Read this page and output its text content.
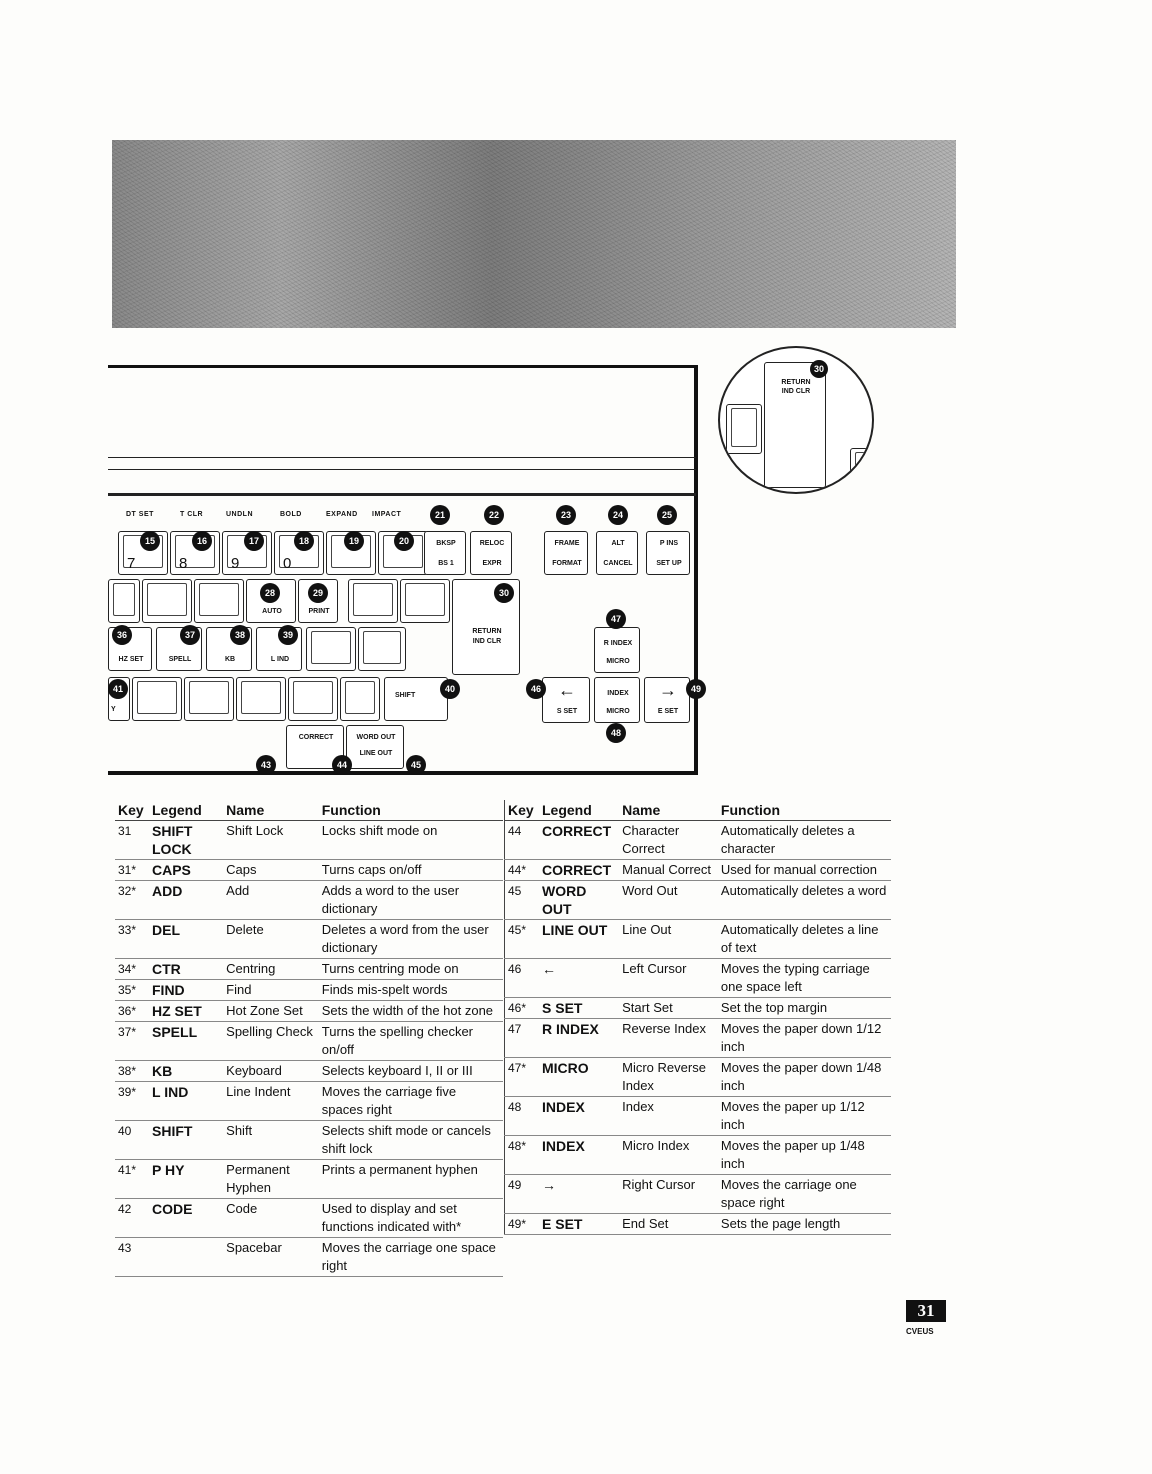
DT SET	T CLR	UNDLN	BOLD	EXPAND IMPACT	21	22	23	24	25
7	8	9	0
BKSP
BS 1
RELOC
EXPR
FRAME
FORMAT
ALT
CANCEL
P INS
SET UP
15	16	17	18	19	20
AUTO	PRINT
RETURN
IND CLR
28	29	30
HZ SET	SPELL	KB	L IND
36	37	38	39
Y
SHIFT
41	40
CORRECT	WORD OUT
LINE OUT
43	44	45
R INDEX
MICRO
←
S SET
INDEX
MICRO
→
E SET
47
46	49
48
RETURN
IND CLR
30
Key	Legend	Name	Function
31	SHIFT LOCK	Shift Lock	Locks shift mode on
31*	CAPS	Caps	Turns caps on/off
32*	ADD	Add	Adds a word to the user dictionary
33*	DEL	Delete	Deletes a word from the user dictionary
34*	CTR	Centring	Turns centring mode on
35*	FIND	Find	Finds mis-spelt words
36*	HZ SET	Hot Zone Set	Sets the width of the hot zone
37*	SPELL	Spelling Check	Turns the spelling checker on/off
38*	KB	Keyboard	Selects keyboard I, II or III
39*	L IND	Line Indent	Moves the carriage five spaces right
40	SHIFT	Shift	Selects shift mode or cancels shift lock
41*	P HY	Permanent Hyphen	Prints a permanent hyphen
42	CODE	Code	Used to display and set functions indicated with*
43		Spacebar	Moves the carriage one space right
Key	Legend	Name	Function
44	CORRECT	Character Correct	Automatically deletes a character
44*	CORRECT	Manual Correct	Used for manual correction
45	WORD OUT	Word Out	Automatically deletes a word
45*	LINE OUT	Line Out	Automatically deletes a line of text
46	←	Left Cursor	Moves the typing carriage one space left
46*	S SET	Start Set	Set the top margin
47	R INDEX	Reverse Index	Moves the paper down 1/12 inch
47*	MICRO	Micro Reverse Index	Moves the paper down 1/48 inch
48	INDEX	Index	Moves the paper up 1/12 inch
48*	INDEX	Micro Index	Moves the paper up 1/48 inch
49	→	Right Cursor	Moves the carriage one space right
49*	E SET	End Set	Sets the page length
31
CVEUS
